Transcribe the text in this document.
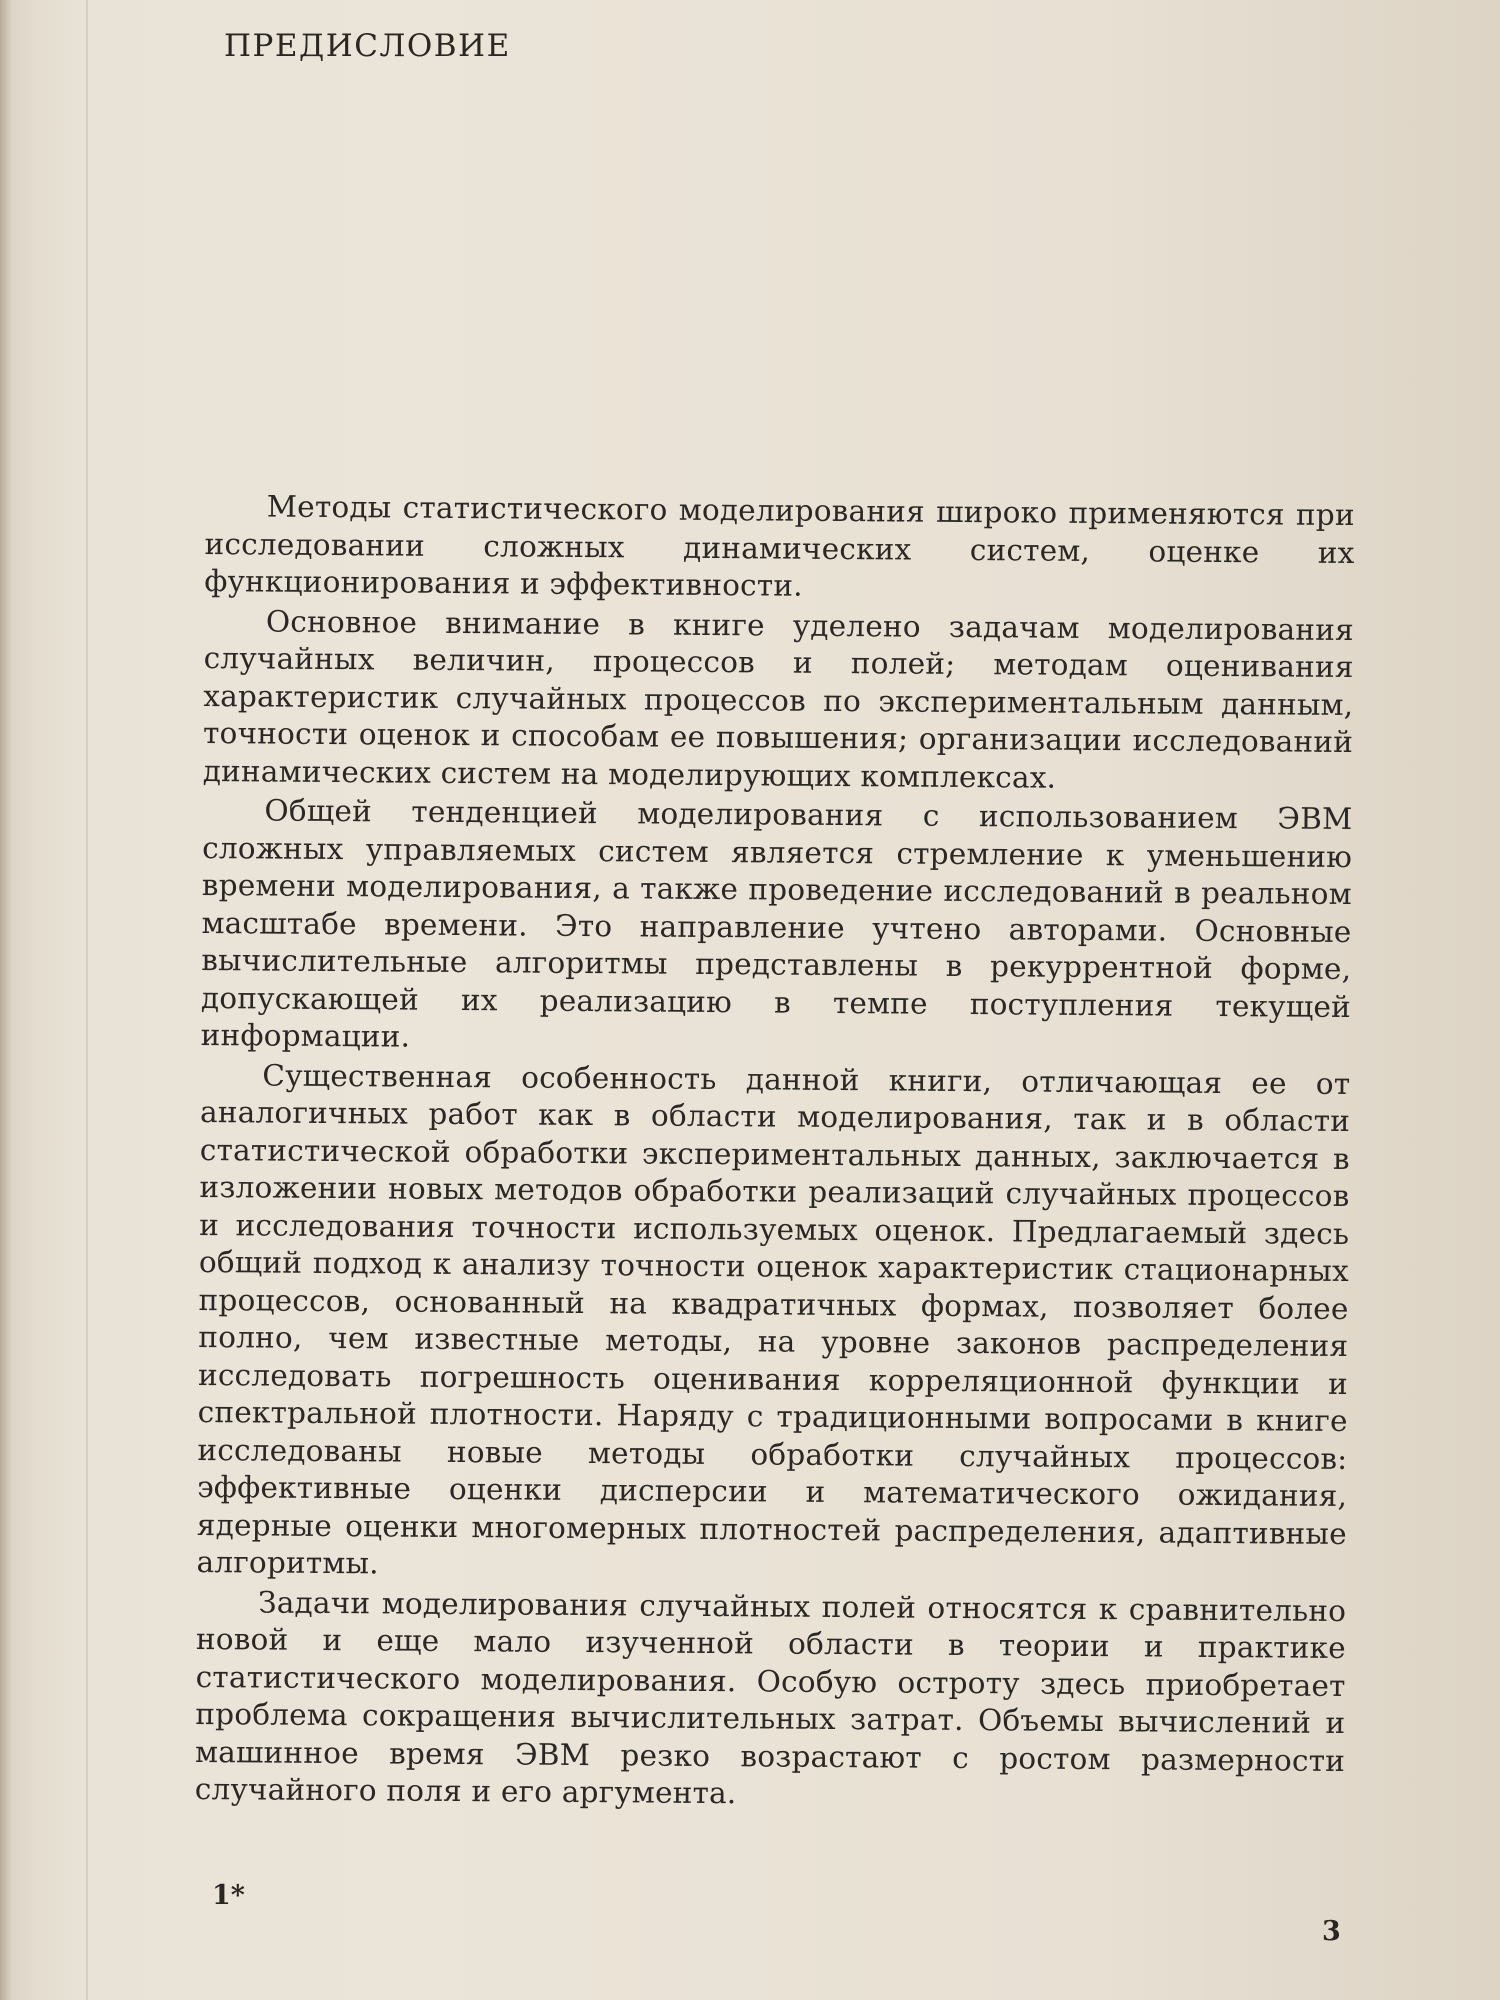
ПРЕДИСЛОВИЕ

Методы статистического моделирования широко применяются при исследовании сложных динамических систем, оценке их функционирования и эффективности.

Основное внимание в книге уделено задачам моделирования случайных величин, процессов и полей; методам оценивания характеристик случайных процессов по экспериментальным данным, точности оценок и способам ее повышения; организации исследований динамических систем на моделирующих комплексах.

Общей тенденцией моделирования с использованием ЭВМ сложных управляемых систем является стремление к уменьшению времени моделирования, а также проведение исследований в реальном масштабе времени. Это направление учтено авторами. Основные вычислительные алгоритмы представлены в рекуррентной форме, допускающей их реализацию в темпе поступления текущей информации.

Существенная особенность данной книги, отличающая ее от аналогичных работ как в области моделирования, так и в области статистической обработки экспериментальных данных, заключается в изложении новых методов обработки реализаций случайных процессов и исследования точности используемых оценок. Предлагаемый здесь общий подход к анализу точности оценок характеристик стационарных процессов, основанный на квадратичных формах, позволяет более полно, чем известные методы, на уровне законов распределения исследовать погрешность оценивания корреляционной функции и спектральной плотности. Наряду с традиционными вопросами в книге исследованы новые методы обработки случайных процессов: эффективные оценки дисперсии и математического ожидания, ядерные оценки многомерных плотностей распределения, адаптивные алгоритмы.

Задачи моделирования случайных полей относятся к сравнительно новой и еще мало изученной области в теории и практике статистического моделирования. Особую остроту здесь приобретает проблема сокращения вычислительных затрат. Объемы вычислений и машинное время ЭВМ резко возрастают с ростом размерности случайного поля и его аргумента.

1*
3
